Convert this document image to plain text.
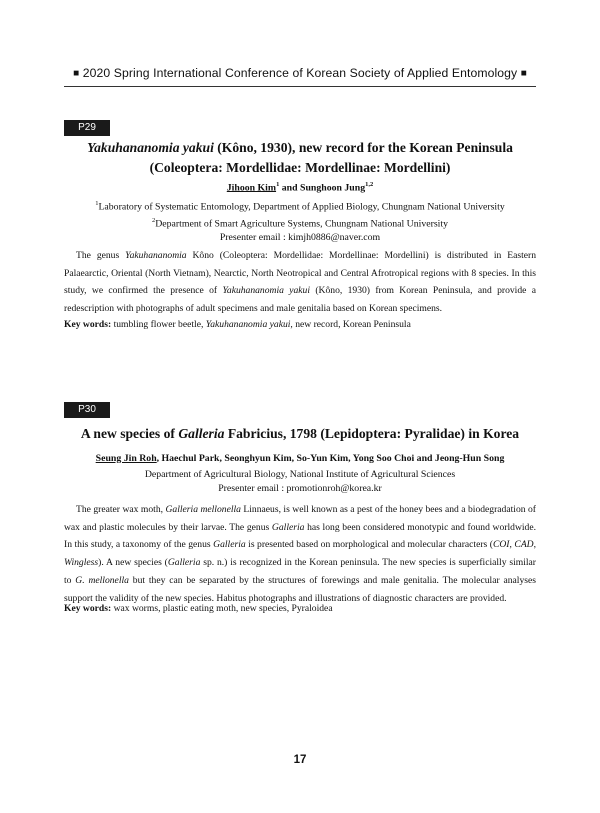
■ 2020 Spring International Conference of Korean Society of Applied Entomology ■
P29
Yakuhananomia yakui (Kôno, 1930), new record for the Korean Peninsula (Coleoptera: Mordellidae: Mordellinae: Mordellini)
Jihoon Kim$^1$ and Sunghoon Jung$^{1,2}$
$^1$Laboratory of Systematic Entomology, Department of Applied Biology, Chungnam National University
$^2$Department of Smart Agriculture Systems, Chungnam National University
Presenter email : kimjh0886@naver.com

The genus Yakuhananomia Kôno (Coleoptera: Mordellidae: Mordellinae: Mordellini) is distributed in Eastern Palaearctic, Oriental (North Vietnam), Nearctic, North Neotropical and Central Afrotropical regions with 8 species. In this study, we confirmed the presence of Yakuhananomia yakui (Kôno, 1930) from Korean Peninsula, and provide a redescription with photographs of adult specimens and male genitalia based on Korean specimens.

Key words: tumbling flower beetle, Yakuhananomia yakui, new record, Korean Peninsula
P30
A new species of Galleria Fabricius, 1798 (Lepidoptera: Pyralidae) in Korea
Seung Jin Roh, Haechul Park, Seonghyun Kim, So-Yun Kim, Yong Soo Choi and Jeong-Hun Song
Department of Agricultural Biology, National Institute of Agricultural Sciences
Presenter email : promotionroh@korea.kr

The greater wax moth, Galleria mellonella Linnaeus, is well known as a pest of the honey bees and a biodegradation of wax and plastic molecules by their larvae. The genus Galleria has long been considered monotypic and found worldwide. In this study, a taxonomy of the genus Galleria is presented based on morphological and molecular characters (COI, CAD, Wingless). A new species (Galleria sp. n.) is recognized in the Korean peninsula. The new species is superficially similar to G. mellonella but they can be separated by the structures of forewings and male genitalia. The molecular analyses support the validity of the new species. Habitus photographs and illustrations of diagnostic characters are provided.

Key words: wax worms, plastic eating moth, new species, Pyraloidea
17
